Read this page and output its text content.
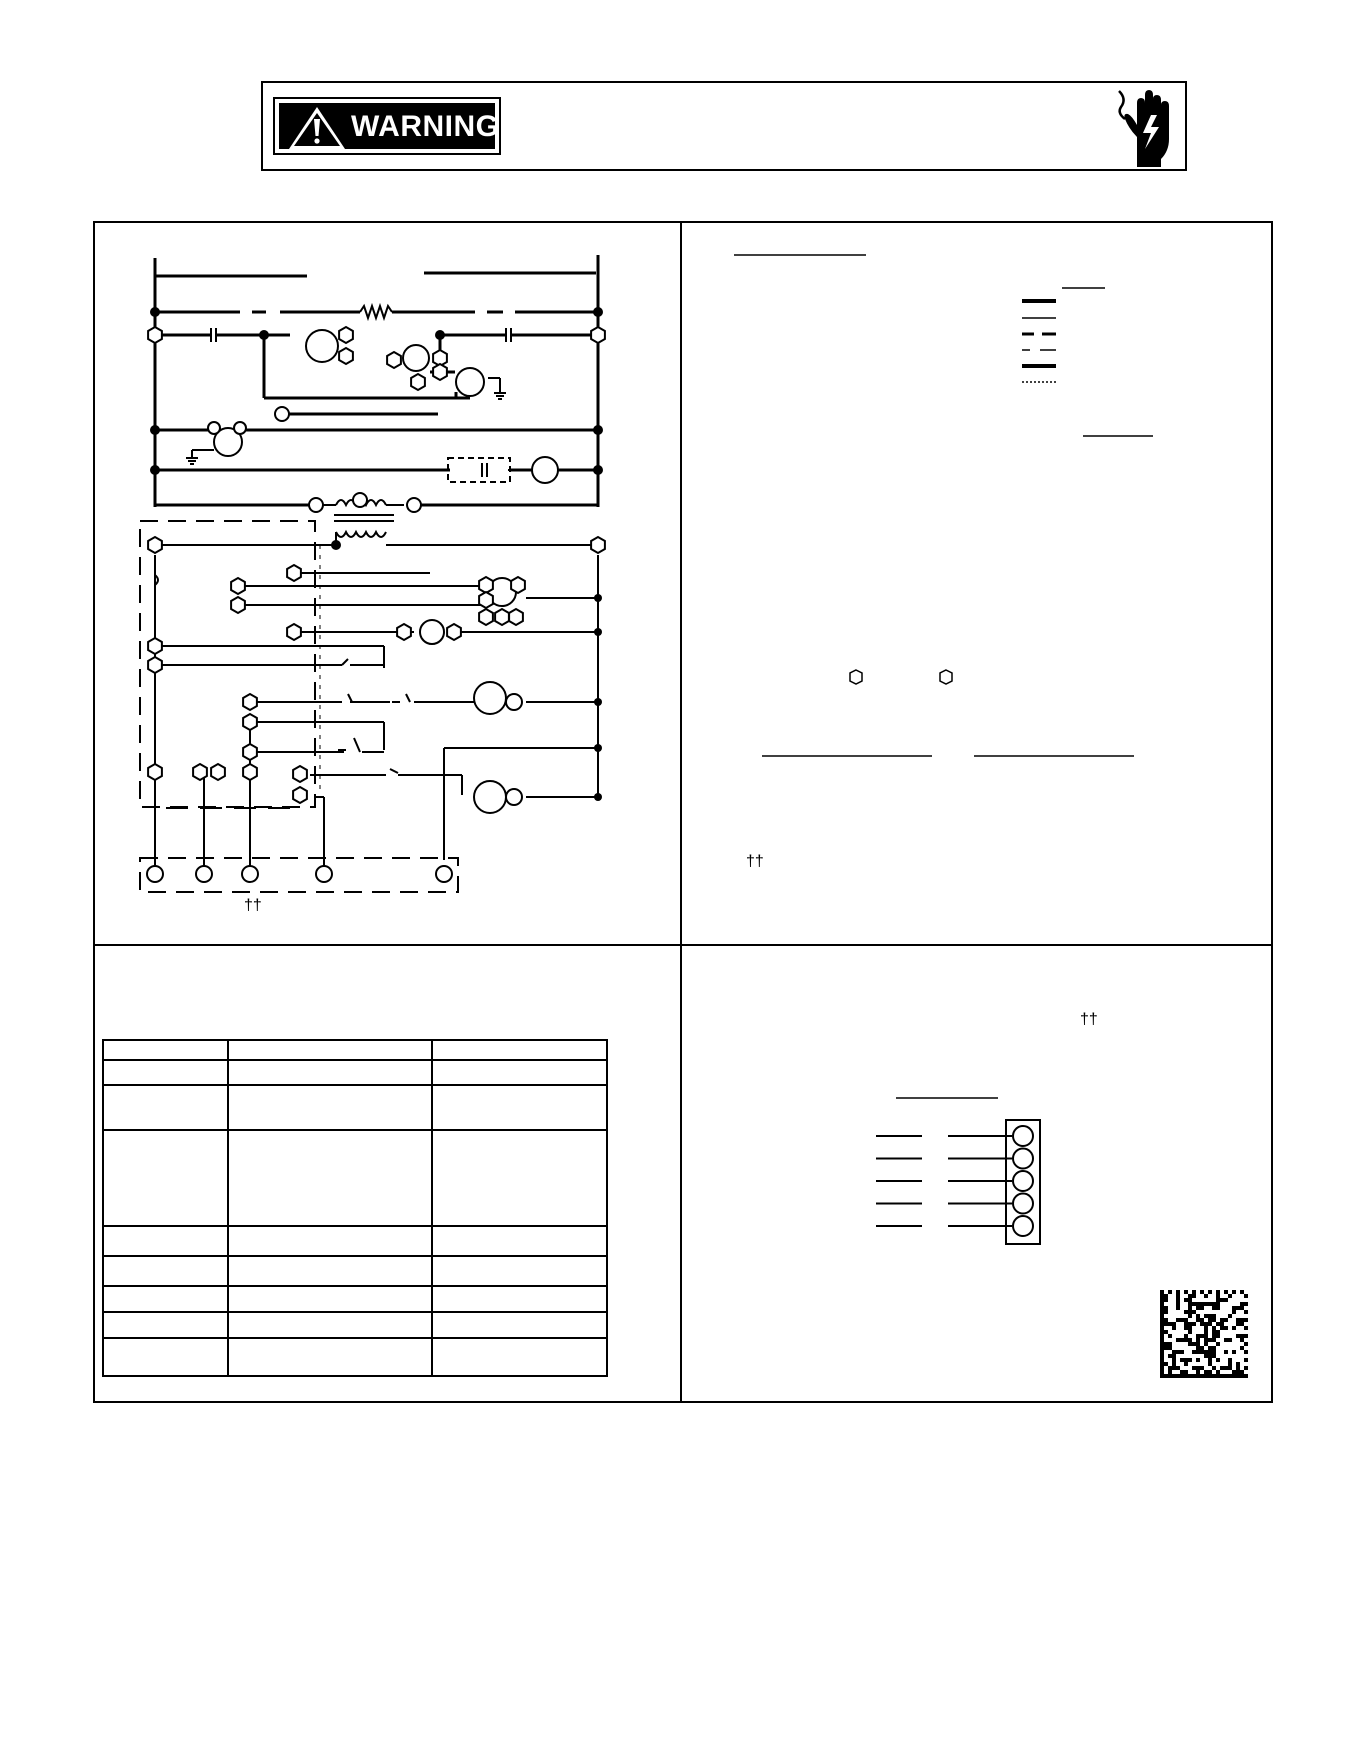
WARNING
††
††
††
